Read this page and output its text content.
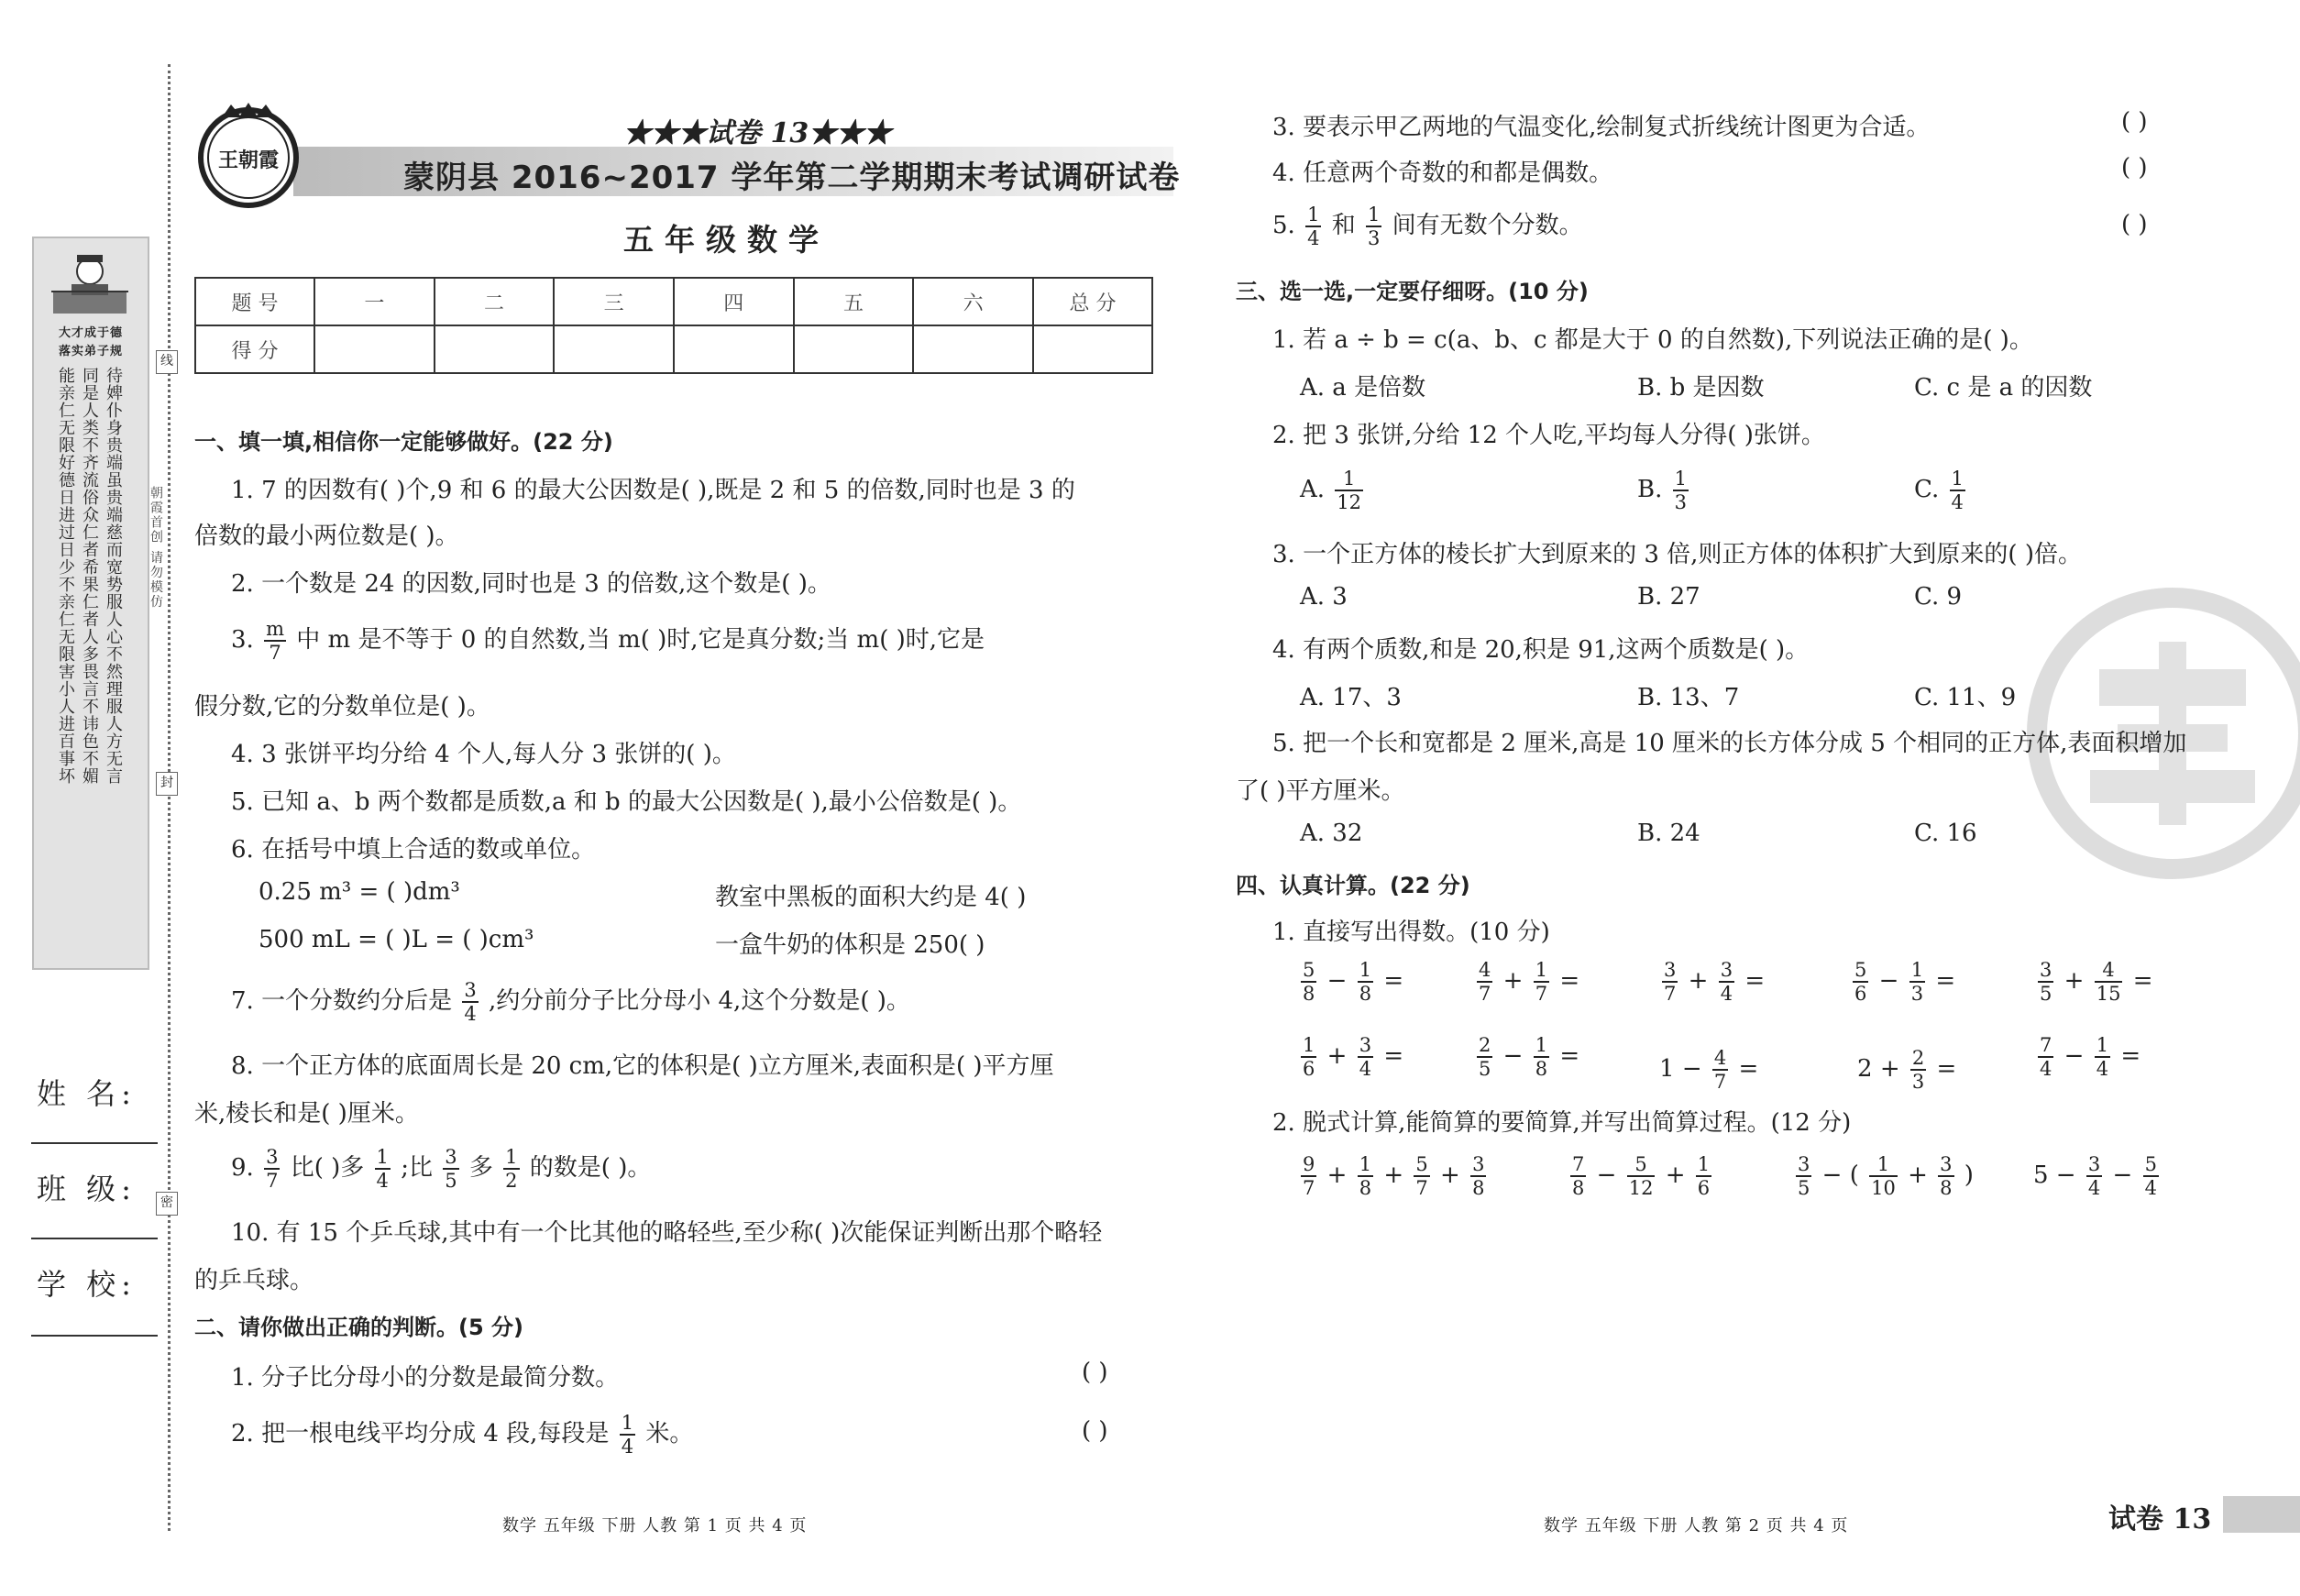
大才成于德
落实弟子规
待婢仆身贵端虽贵端慈而宽势服人心不然理服人方无言
同是人类不齐流俗众仁者希果仁者人多畏言不讳色不媚
能亲仁无限好德日进过日少不亲仁无限害小人进百事坏	朝霞首创 请勿模仿
线
封
密
姓 名:
班 级:
学 校:
王朝霞
★★★试卷 13★★★
蒙阴县 2016~2017 学年第二学期期末考试调研试卷
五年级数学
题 号	一	二	三	四	五	六	总 分
得 分							
一、填一填,相信你一定能够做好。(22 分)
1. 7 的因数有( )个,9 和 6 的最大公因数是( ),既是 2 和 5 的倍数,同时也是 3 的
倍数的最小两位数是( )。
2. 一个数是 24 的因数,同时也是 3 的倍数,这个数是( )。
3. $\frac{m}{7}$ 中 m 是不等于 0 的自然数,当 m( )时,它是真分数;当 m( )时,它是
假分数,它的分数单位是( )。
4. 3 张饼平均分给 4 个人,每人分 3 张饼的( )。
5. 已知 a、b 两个数都是质数,a 和 b 的最大公因数是( ),最小公倍数是( )。
6. 在括号中填上合适的数或单位。
0.25 m³ = ( )dm³	教室中黑板的面积大约是 4( )
500 mL = ( )L = ( )cm³	一盒牛奶的体积是 250( )
7. 一个分数约分后是 $\frac{3}{4}$ ,约分前分子比分母小 4,这个分数是( )。
8. 一个正方体的底面周长是 20 cm,它的体积是( )立方厘米,表面积是( )平方厘
米,棱长和是( )厘米。
9. $\frac{3}{7}$ 比( )多 $\frac{1}{4}$ ;比 $\frac{3}{5}$ 多 $\frac{1}{2}$ 的数是( )。
10. 有 15 个乒乓球,其中有一个比其他的略轻些,至少称( )次能保证判断出那个略轻
的乒乓球。
二、请你做出正确的判断。(5 分)
1. 分子比分母小的分数是最简分数。	( )
2. 把一根电线平均分成 4 段,每段是 $\frac{1}{4}$ 米。	( )
数学 五年级 下册 人教 第 1 页 共 4 页
3. 要表示甲乙两地的气温变化,绘制复式折线统计图更为合适。	( )
4. 任意两个奇数的和都是偶数。	( )
5. $\frac{1}{4}$ 和 $\frac{1}{3}$ 间有无数个分数。	( )
三、选一选,一定要仔细呀。(10 分)
1. 若 a ÷ b = c(a、b、c 都是大于 0 的自然数),下列说法正确的是( )。
A. a 是倍数	B. b 是因数	C. c 是 a 的因数
2. 把 3 张饼,分给 12 个人吃,平均每人分得( )张饼。
A. $\frac{1}{12}$	B. $\frac{1}{3}$	C. $\frac{1}{4}$
3. 一个正方体的棱长扩大到原来的 3 倍,则正方体的体积扩大到原来的( )倍。
A. 3	B. 27	C. 9
4. 有两个质数,和是 20,积是 91,这两个质数是( )。
A. 17、3	B. 13、7	C. 11、9
5. 把一个长和宽都是 2 厘米,高是 10 厘米的长方体分成 5 个相同的正方体,表面积增加
了( )平方厘米。
A. 32	B. 24	C. 16
四、认真计算。(22 分)
1. 直接写出得数。(10 分)
$\frac{5}{8} - \frac{1}{8}$ =	$\frac{4}{7} + \frac{1}{7}$ =	$\frac{3}{7} + \frac{3}{4}$ =	$\frac{5}{6} - \frac{1}{3}$ =	$\frac{3}{5} + \frac{4}{15}$ =
$\frac{1}{6} + \frac{3}{4}$ =	$\frac{2}{5} - \frac{1}{8}$ =	$1 - \frac{4}{7}$ =	$2 + \frac{2}{3}$ =	$\frac{7}{4} - \frac{1}{4}$ =
2. 脱式计算,能简算的要简算,并写出简算过程。(12 分)
$\frac{9}{7} + \frac{1}{8} + \frac{5}{7} + \frac{3}{8}$	$\frac{7}{8} - \frac{5}{12} + \frac{1}{6}$	$\frac{3}{5}$ − ( $\frac{1}{10} + \frac{3}{8}$ )	$5 - \frac{3}{4} - \frac{5}{4}$
数学 五年级 下册 人教 第 2 页 共 4 页	试卷 13
